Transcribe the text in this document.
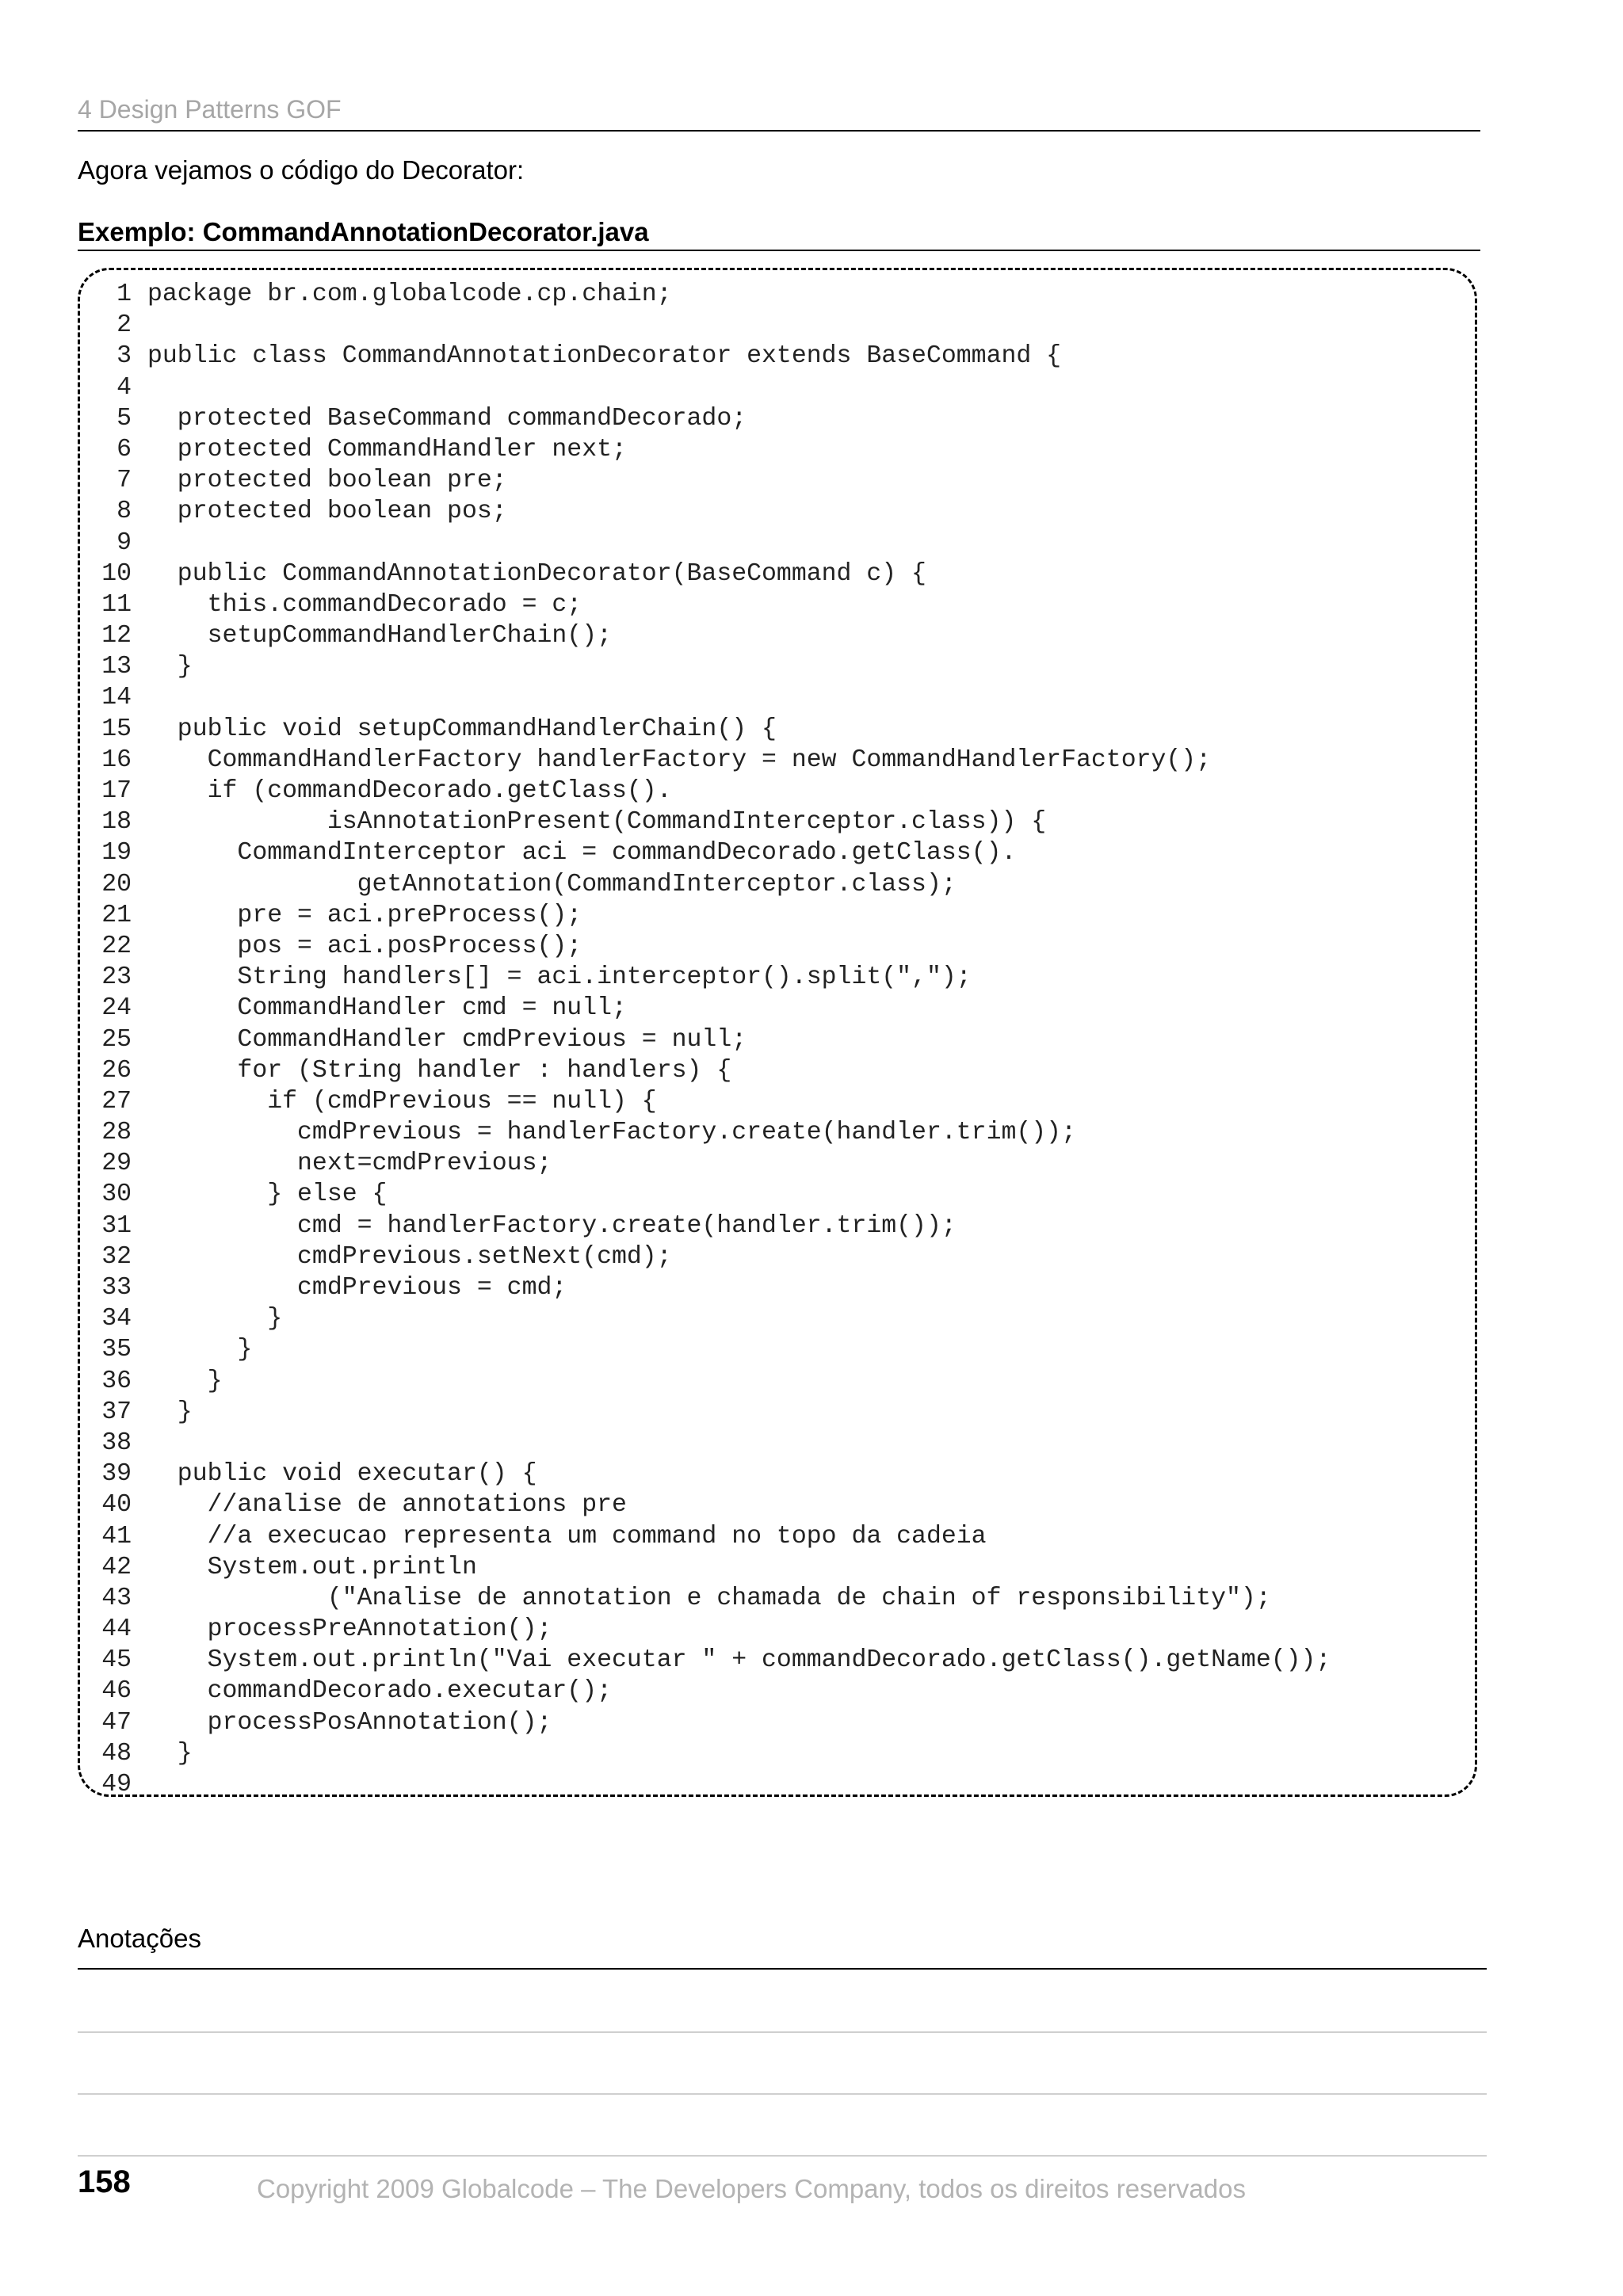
4 Design Patterns GOF
Agora vejamos o código do Decorator:
Exemplo: CommandAnnotationDecorator.java
1 package br.com.globalcode.cp.chain;
2
3 public class CommandAnnotationDecorator extends BaseCommand {
4
5  protected BaseCommand commandDecorado;
6  protected CommandHandler next;
7  protected boolean pre;
8  protected boolean pos;
9
10  public CommandAnnotationDecorator(BaseCommand c) {
11    this.commandDecorado = c;
12    setupCommandHandlerChain();
13  }
14
15  public void setupCommandHandlerChain() {
16    CommandHandlerFactory handlerFactory = new CommandHandlerFactory();
17    if (commandDecorado.getClass().
18            isAnnotationPresent(CommandInterceptor.class)) {
19      CommandInterceptor aci = commandDecorado.getClass().
20              getAnnotation(CommandInterceptor.class);
21      pre = aci.preProcess();
22      pos = aci.posProcess();
23      String handlers[] = aci.interceptor().split(",");
24      CommandHandler cmd = null;
25      CommandHandler cmdPrevious = null;
26      for (String handler : handlers) {
27        if (cmdPrevious == null) {
28          cmdPrevious = handlerFactory.create(handler.trim());
29          next=cmdPrevious;
30        } else {
31          cmd = handlerFactory.create(handler.trim());
32          cmdPrevious.setNext(cmd);
33          cmdPrevious = cmd;
34        }
35      }
36    }
37  }
38
39  public void executar() {
40    //analise de annotations pre
41    //a execucao representa um command no topo da cadeia
42    System.out.println
43            ("Analise de annotation e chamada de chain of responsibility");
44    processPreAnnotation();
45    System.out.println("Vai executar " + commandDecorado.getClass().getName());
46    commandDecorado.executar();
47    processPosAnnotation();
48  }
49
Anotações
158	Copyright 2009 Globalcode – The Developers Company, todos os direitos reservados
